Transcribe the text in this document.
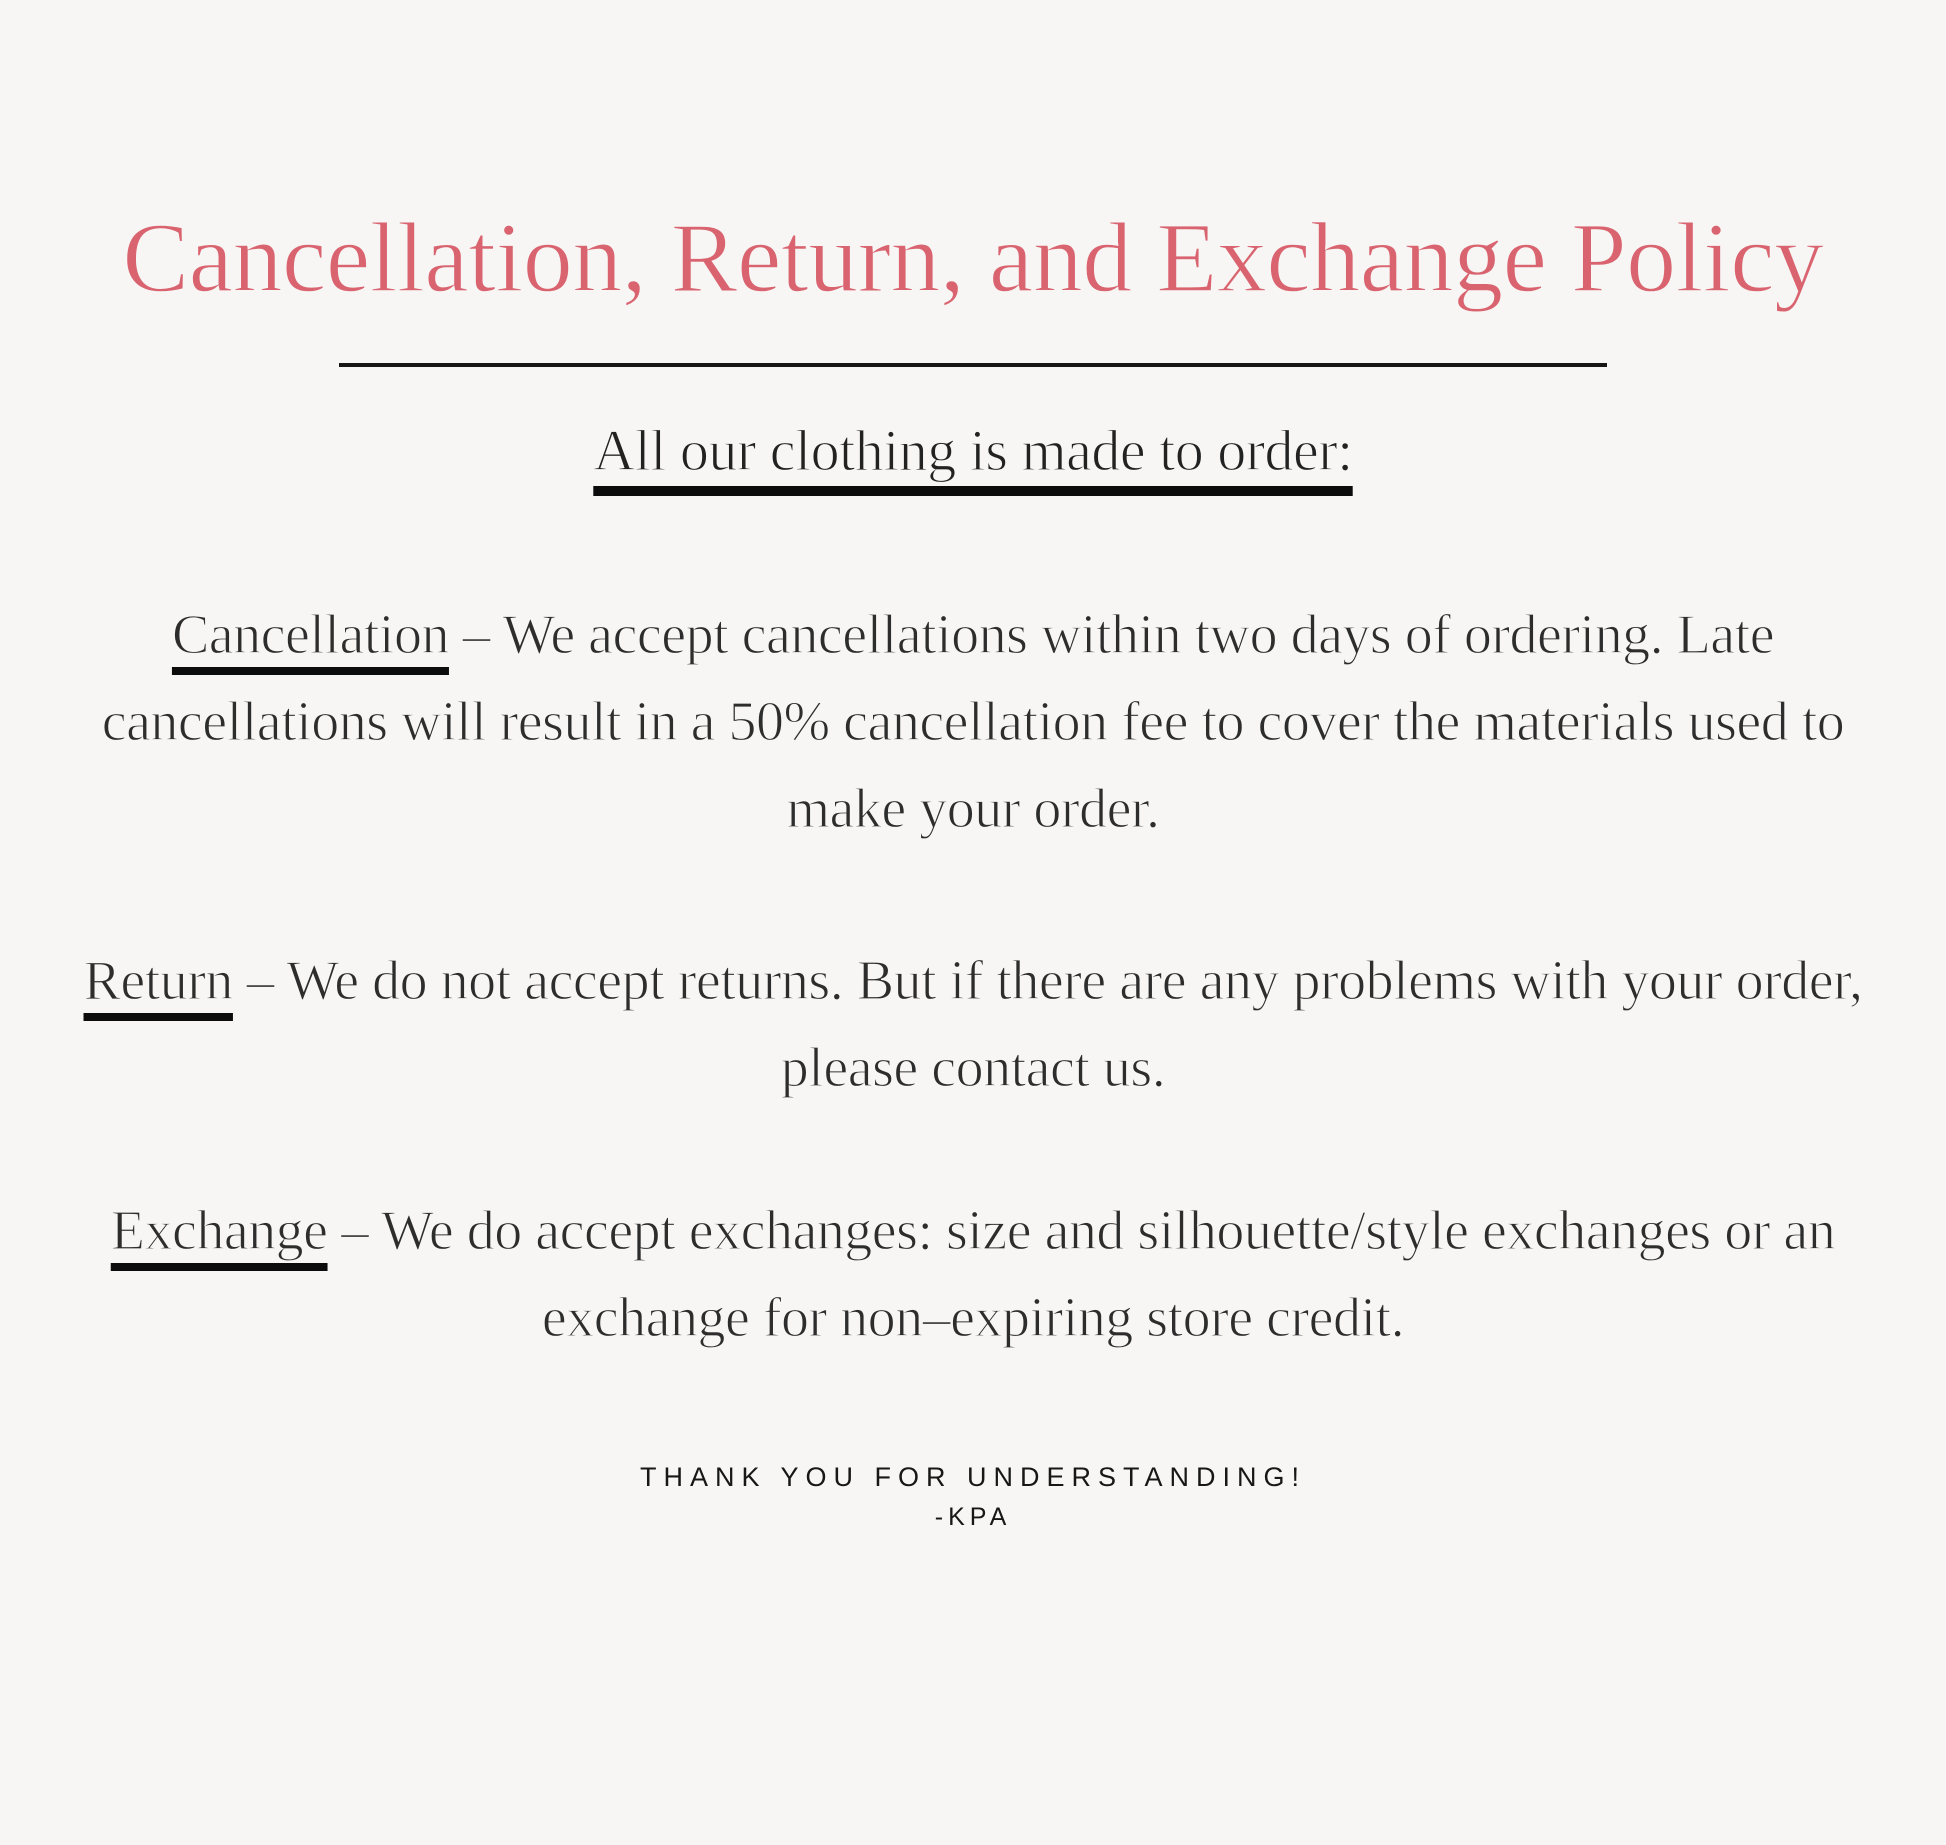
Cancellation, Return, and Exchange Policy
All our clothing is made to order:

Cancellation – We accept cancellations within two days of ordering. Late cancellations will result in a 50% cancellation fee to cover the materials used to make your order.

Return – We do not accept returns. But if there are any problems with your order, please contact us.

Exchange – We do accept exchanges: size and silhouette/style exchanges or an exchange for non–expiring store credit.

THANK YOU FOR UNDERSTANDING!
-KPA
